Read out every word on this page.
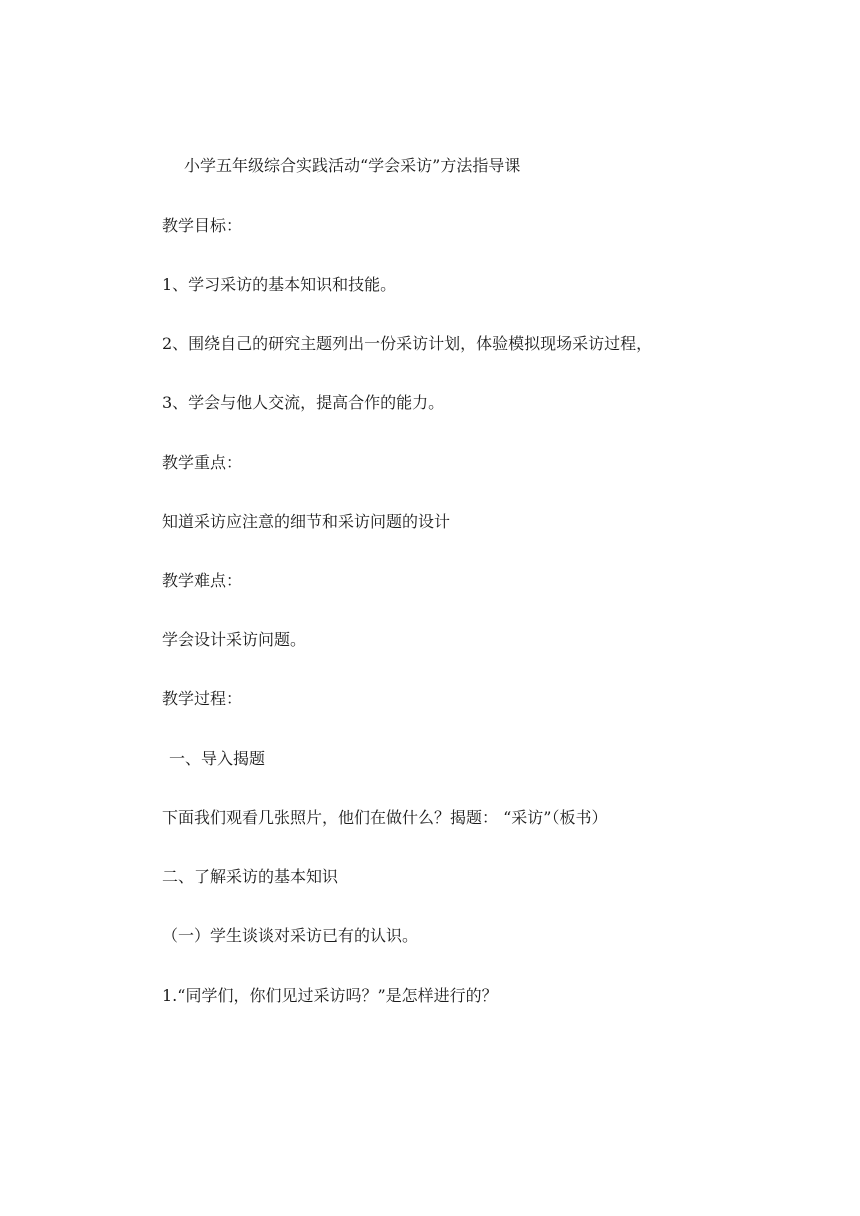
小学五年级综合实践活动“学会采访”方法指导课
教学目标：
1、学习采访的基本知识和技能。
2、围绕自己的研究主题列出一份采访计划，体验模拟现场采访过程，
3、学会与他人交流，提高合作的能力。
教学重点：
知道采访应注意的细节和采访问题的设计
教学难点：
学会设计采访问题。
教学过程：
一、导入揭题
下面我们观看几张照片，他们在做什么？揭题： “采访”（板书）
二、了解采访的基本知识
（一）学生谈谈对采访已有的认识。
1.“同学们，你们见过采访吗？”是怎样进行的？
